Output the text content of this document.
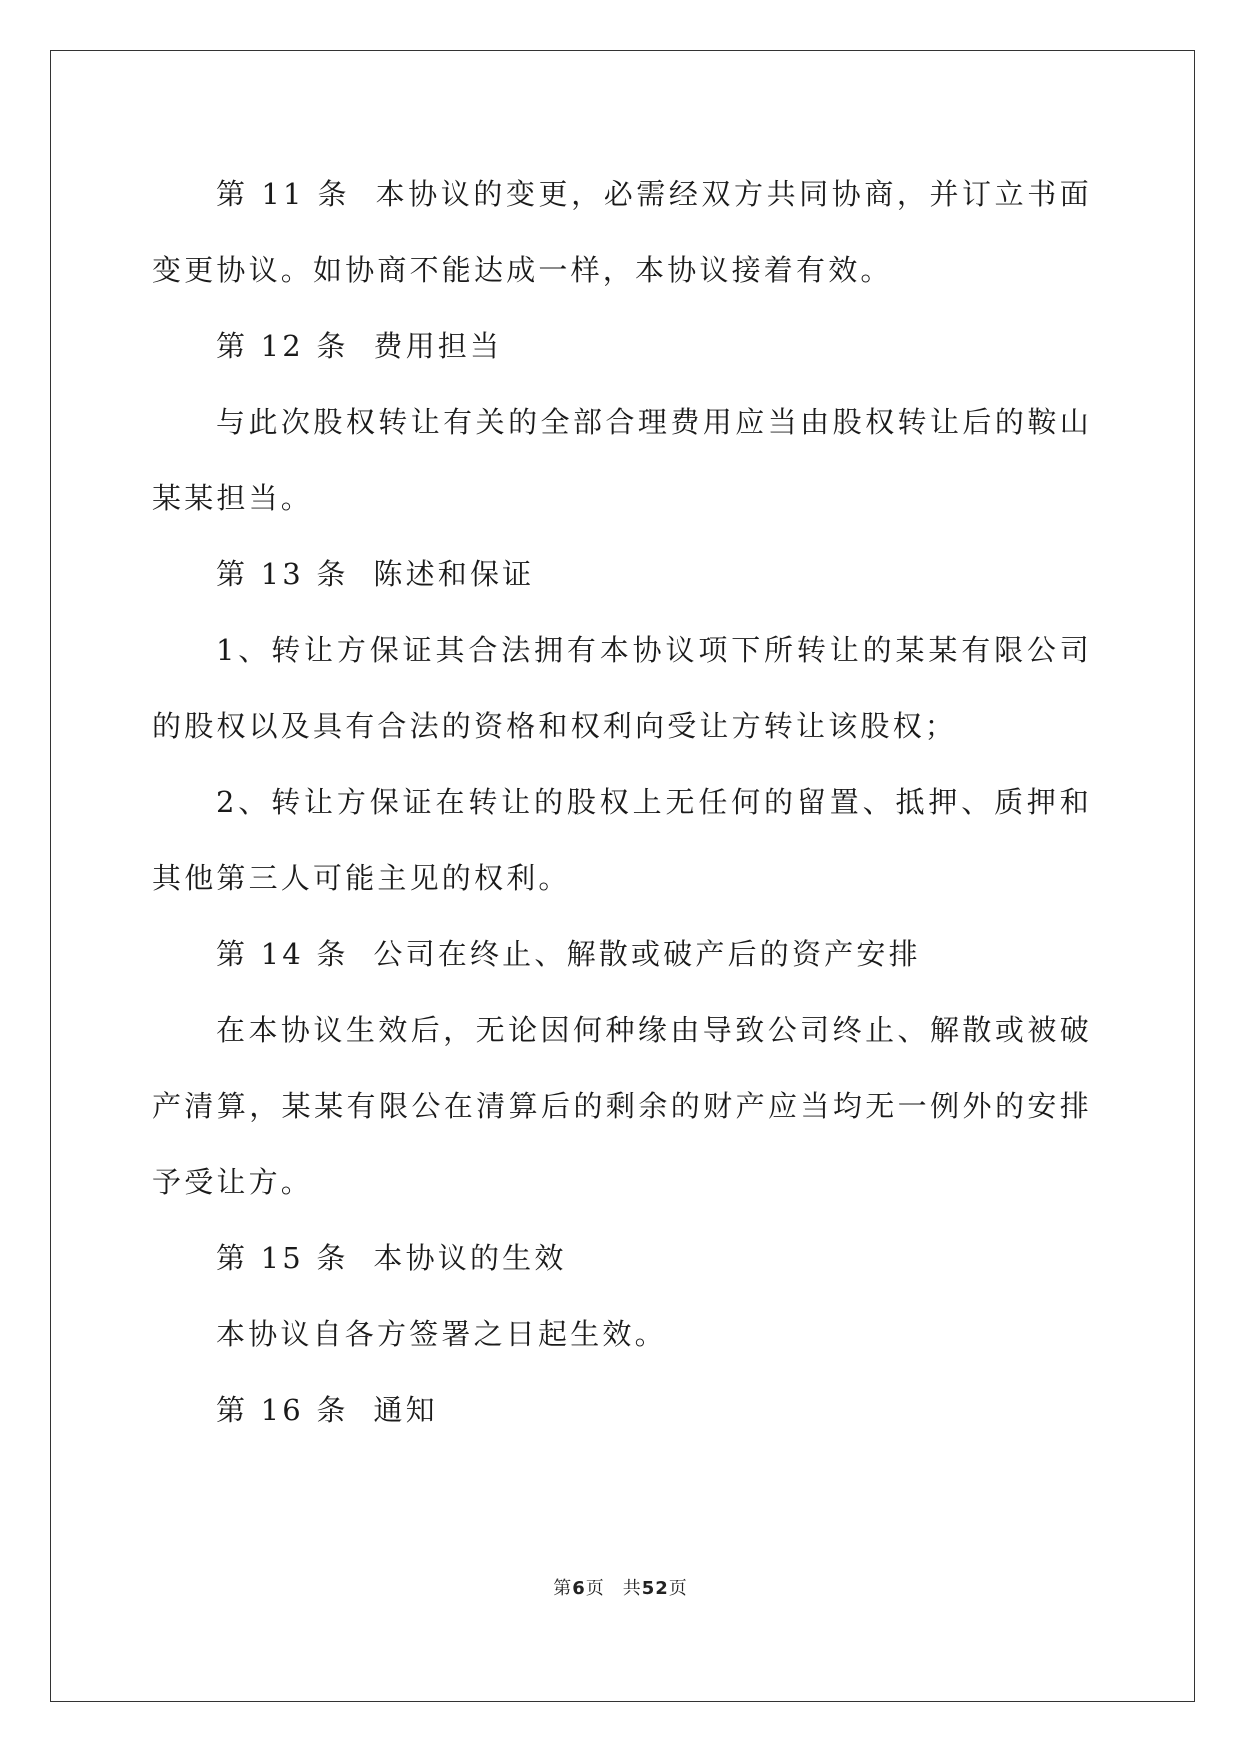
第 11 条  本协议的变更，必需经双方共同协商，并订立书面变更协议。如协商不能达成一样，本协议接着有效。

第 12 条  费用担当

与此次股权转让有关的全部合理费用应当由股权转让后的鞍山某某担当。

第 13 条  陈述和保证

1、转让方保证其合法拥有本协议项下所转让的某某有限公司的股权以及具有合法的资格和权利向受让方转让该股权；

2、转让方保证在转让的股权上无任何的留置、抵押、质押和其他第三人可能主见的权利。

第 14 条  公司在终止、解散或破产后的资产安排

在本协议生效后，无论因何种缘由导致公司终止、解散或被破产清算，某某有限公在清算后的剩余的财产应当均无一例外的安排予受让方。

第 15 条  本协议的生效

本协议自各方签署之日起生效。

第 16 条  通知

第6页 共52页
